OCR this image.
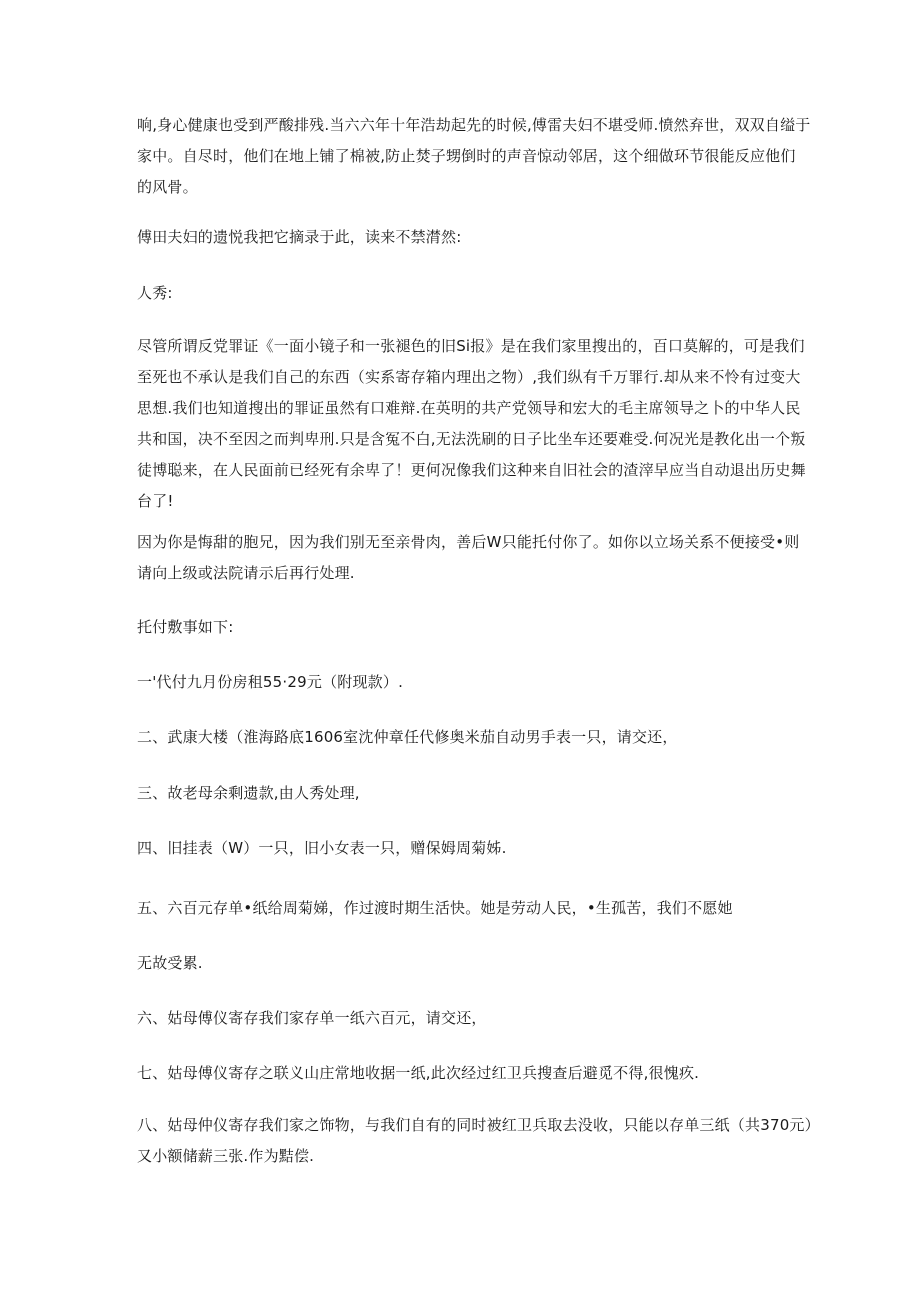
响,身心健康也受到严酸排残.当六六年十年浩劫起先的时候,傅雷夫妇不堪受师.愤然弃世，双双自缢于
家中。自尽时，他们在地上铺了棉被,防止焚子甥倒时的声音惊动邻居，这个细做环节很能反应他们
的风骨。

傅田夫妇的遗悦我把它摘录于此，读来不禁潸然:

人秀:

尽管所谓反党罪证《一面小镜子和一张褪色的旧Si报》是在我们家里搜出的，百口莫解的，可是我们
至死也不承认是我们自己的东西（实系寄存箱内理出之物）,我们纵有千万罪行.却从来不怜有过变大
思想.我们也知道搜出的罪证虽然有口难辩.在英明的共产党领导和宏大的毛主席领导之卜的中华人民
共和国，决不至因之而判卑刑.只是含冤不白,无法洗刷的日子比坐车还要难受.何况光是教化出一个叛
徒博聪来，在人民面前已经死有余卑了！更何况像我们这种来自旧社会的渣滓早应当自动退出历史舞
台了!

因为你是悔甜的胞兄，因为我们别无至亲骨肉，善后W只能托付你了。如你以立场关系不便接受•则
请向上级或法院请示后再行处理.

托付敷事如下:

一'代付九月份房租55·29元（附现款）.

二、武康大楼（淮海路底1606室沈仲章任代修奥米茄自动男手表一只，请交还，

三、故老母余剩遗款,由人秀处理,

四、旧挂表（W）一只，旧小女表一只，赠保姆周菊姊.

五、六百元存单•纸给周菊娣，作过渡时期生活快。她是劳动人民，•生孤苦，我们不愿她

无故受累.

六、姑母傅仪寄存我们家存单一纸六百元，请交还，

七、姑母傅仪寄存之联义山庄常地收据一纸,此次经过红卫兵搜查后避觅不得,很愧疚.

八、姑母仲仪寄存我们家之饰物，与我们自有的同时被红卫兵取去没收，只能以存单三纸（共370元）
又小额储薪三张.作为黠偿.
